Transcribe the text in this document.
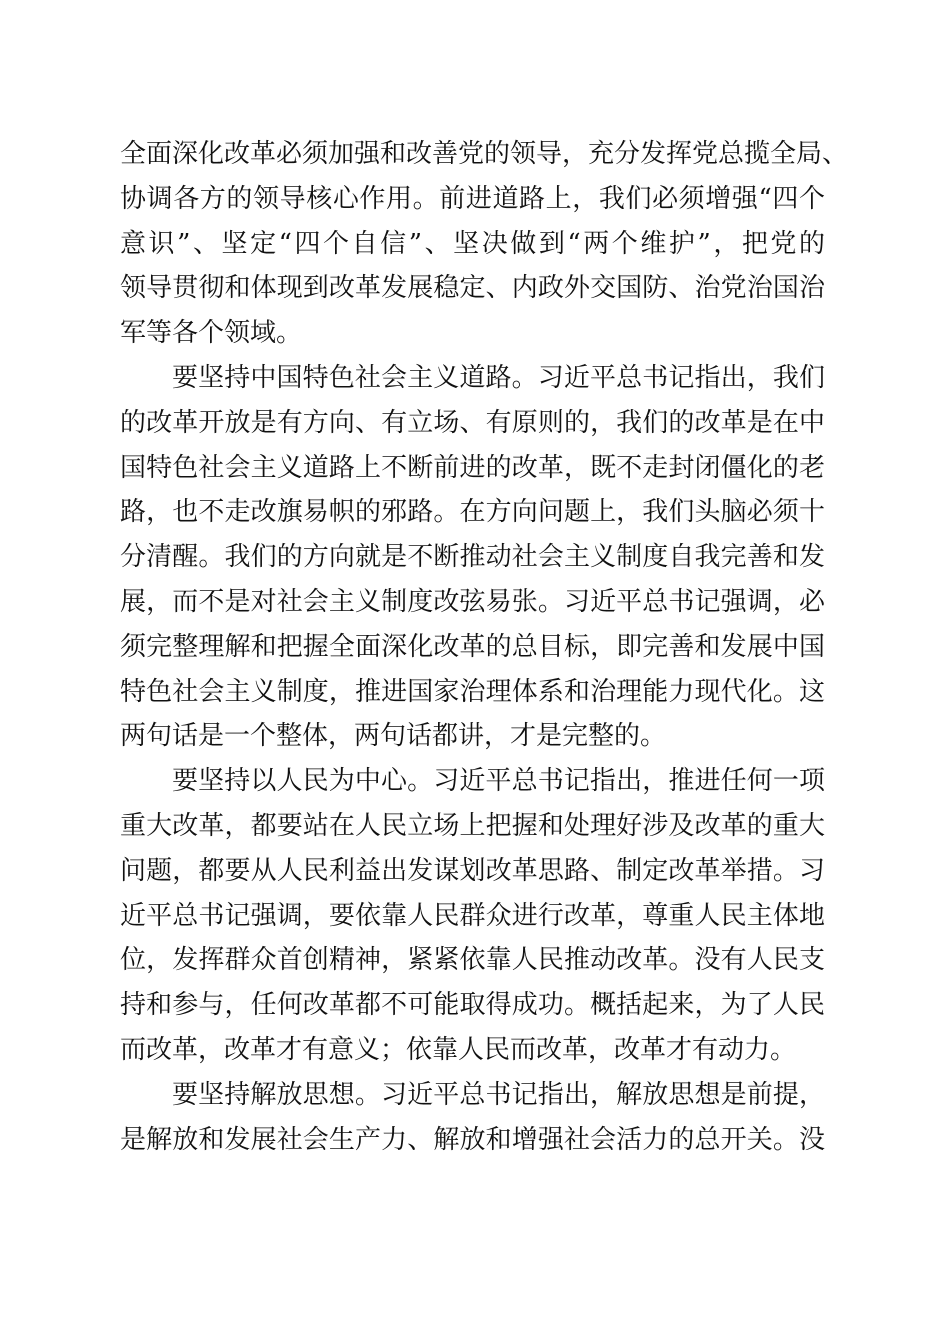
全面深化改革必须加强和改善党的领导，充分发挥党总揽全局、
协调各方的领导核心作用。前进道路上，我们必须增强“四个
意识”、坚定“四个自信”、坚决做到“两个维护”，把党的
领导贯彻和体现到改革发展稳定、内政外交国防、治党治国治
军等各个领域。
要坚持中国特色社会主义道路。习近平总书记指出，我们
的改革开放是有方向、有立场、有原则的，我们的改革是在中
国特色社会主义道路上不断前进的改革，既不走封闭僵化的老
路，也不走改旗易帜的邪路。在方向问题上，我们头脑必须十
分清醒。我们的方向就是不断推动社会主义制度自我完善和发
展，而不是对社会主义制度改弦易张。习近平总书记强调，必
须完整理解和把握全面深化改革的总目标，即完善和发展中国
特色社会主义制度，推进国家治理体系和治理能力现代化。这
两句话是一个整体，两句话都讲，才是完整的。
要坚持以人民为中心。习近平总书记指出，推进任何一项
重大改革，都要站在人民立场上把握和处理好涉及改革的重大
问题，都要从人民利益出发谋划改革思路、制定改革举措。习
近平总书记强调，要依靠人民群众进行改革，尊重人民主体地
位，发挥群众首创精神，紧紧依靠人民推动改革。没有人民支
持和参与，任何改革都不可能取得成功。概括起来，为了人民
而改革，改革才有意义；依靠人民而改革，改革才有动力。
要坚持解放思想。习近平总书记指出，解放思想是前提，
是解放和发展社会生产力、解放和增强社会活力的总开关。没
